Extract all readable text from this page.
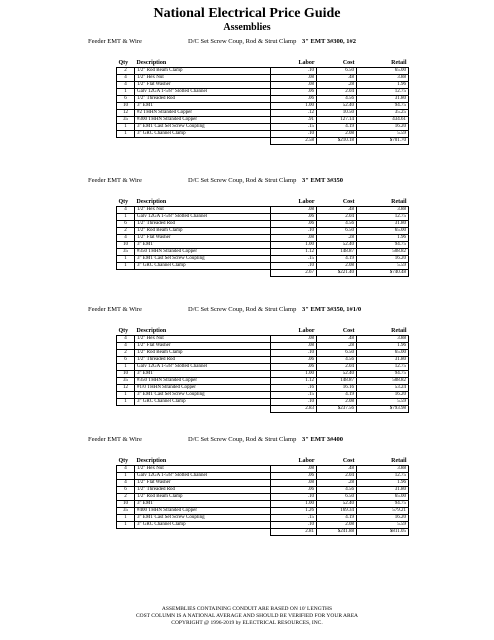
National Electrical Price Guide
Assemblies
Feeder EMT & Wire	D/C Set Screw Coup, Rod & Strut Clamp 3" EMT 3#300, 1#2
Qty	Description	Labor	Cost	Retail
2	1/2" Rod Beam Clamp	.10	6.50	65.00
4	1/2" Hex Nut	.08	.48	3.88
4	1/2" Flat Washer	.08	.28	1.96
1	Galv 12GA 1-5/8" Slotted Channel	.06	2.04	12.75
6	1/2" Threaded Rod	.06	4.56	31.80
10	3" EMT	1.00	52.40	94.75
12	#2 THHN Stranded Copper	.12	10.50	35.25
35	#300 THHN Stranded Copper	.91	127.14	434.61
1	3" EMT Cast Set Screw Coupling	.15	4.19	16.20
1	3" GRC Channel Clamp	.10	2.08	5.59
		2.58	$210.18	$701.70
Feeder EMT & Wire	D/C Set Screw Coup, Rod & Strut Clamp 3" EMT 3#350
Qty	Description	Labor	Cost	Retail
4	1/2" Hex Nut	.08	.48	3.88
1	Galv 12GA 1-5/8" Slotted Channel	.06	2.04	12.75
6	1/2" Threaded Rod	.06	4.56	31.80
2	1/2" Rod Beam Clamp	.10	6.50	65.00
4	1/2" Flat Washer	.08	.28	1.96
10	3" EMT	1.00	52.40	94.75
35	#350 THHN Stranded Copper	1.12	148.87	508.82
1	3" EMT Cast Set Screw Coupling	.15	4.19	16.20
1	3" GRC Channel Clamp	.10	2.08	5.59
		2.67	$221.40	$740.48
Feeder EMT & Wire	D/C Set Screw Coup, Rod & Strut Clamp 3" EMT 3#350, 1#1/0
Qty	Description	Labor	Cost	Retail
4	1/2" Hex Nut	.08	.48	3.88
4	1/2" Flat Washer	.08	.28	1.96
2	1/2" Rod Beam Clamp	.10	6.50	65.00
6	1/2" Threaded Rod	.06	4.56	31.80
1	Galv 12GA 1-5/8" Slotted Channel	.06	2.04	12.75
10	3" EMT	1.00	52.40	94.75
35	#350 THHN Stranded Copper	1.12	148.87	508.82
12	#1/0 THHN Stranded Copper	.16	16.16	53.24
1	3" EMT Cast Set Screw Coupling	.15	4.19	16.20
1	3" GRC Channel Clamp	.10	2.08	5.59
		2.83	$237.56	$793.98
Feeder EMT & Wire	D/C Set Screw Coup, Rod & Strut Clamp 3" EMT 3#400
Qty	Description	Labor	Cost	Retail
4	1/2" Hex Nut	.08	.48	3.88
1	Galv 12GA 1-5/8" Slotted Channel	.06	2.04	12.75
4	1/2" Flat Washer	.08	.28	1.96
6	1/2" Threaded Rod	.06	4.56	31.80
2	1/2" Rod Beam Clamp	.10	6.50	65.00
10	3" EMT	1.00	52.40	94.75
35	#400 THHN Stranded Copper	1.26	169.34	579.21
1	3" EMT Cast Set Screw Coupling	.15	4.19	16.20
1	3" GRC Channel Clamp	.10	2.08	5.59
		2.81	$241.88	$811.05
ASSEMBLIES CONTAINING CONDUIT ARE BASED ON 10' LENGTHS
COST COLUMN IS A NATIONAL AVERAGE AND SHOULD BE VERIFIED FOR YOUR AREA
COPYRIGHT @ 1996-2019 by ELECTRICAL RESOURCES, INC.
